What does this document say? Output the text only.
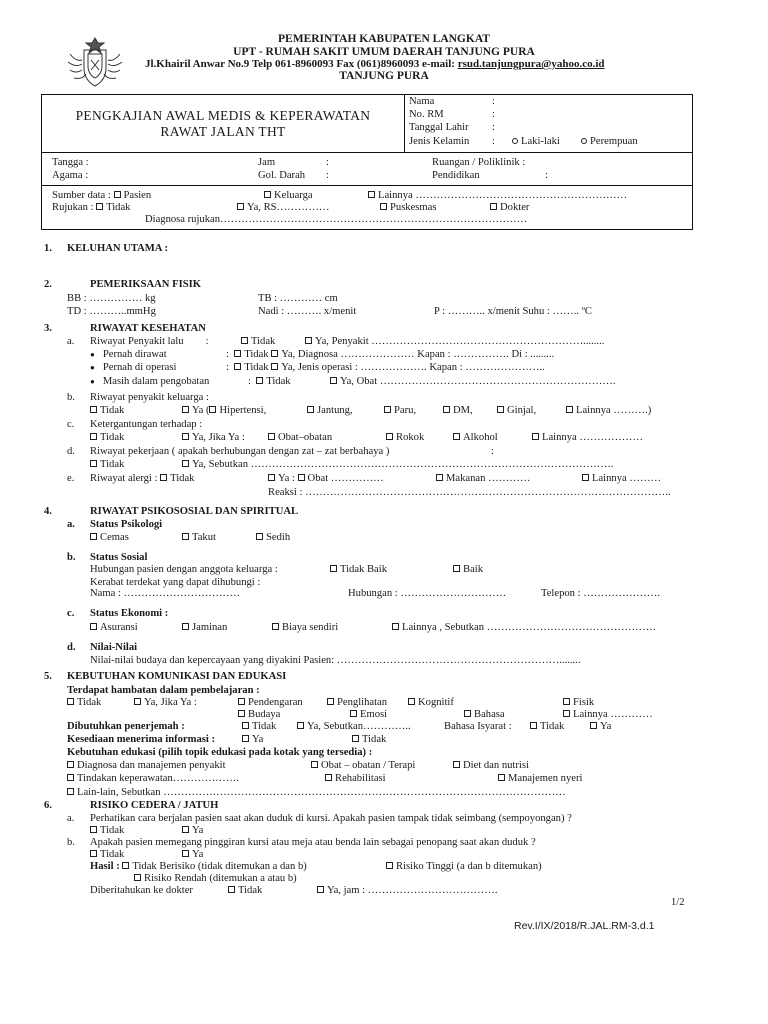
PEMERINTAH KABUPATEN LANGKAT
UPT - RUMAH SAKIT UMUM DAERAH TANJUNG PURA
Jl.Khairil Anwar No.9 Telp 061-8960093 Fax (061)8960093 e-mail: rsud.tanjungpura@yahoo.co.id
TANJUNG PURA
PENGKAJIAN AWAL MEDIS & KEPERAWATAN
RAWAT JALAN THT
Nama	:
No. RM	:
Tanggal Lahir :
Jenis Kelamin :	Laki-laki	Perempuan
Tangga :	Jam	:	Ruangan / Poliklinik :
Agama :	Gol. Darah :	Pendidikan	:
Sumber data : Pasien	Keluarga	Lainnya ……………………………………………………
Rujukan : Tidak	Ya, RS……………	Puskesmas	Dokter
Diagnosa rujukan……………………………………………………………………………
1. KELUHAN UTAMA :
2.	PEMERIKSAAN FISIK
BB : …………… kg	TB : ………… cm
TD : ………..mmHg	Nadi : ………. x/menit	P : ……….. x/menit Suhu : …….. ºC
3.	RIWAYAT KESEHATAN
a. Riwayat Penyakit lalu :	Tidak	Ya, Penyakit ……………………………………………………........
● Pernah dirawat	:  Tidak Ya, Diagnosa ………………… Kapan : ……………. Di : .........
● Pernah di operasi	:  Tidak Ya, Jenis operasi : ………………. Kapan : …………………..
● Masih dalam pengobatan	:  Tidak	Ya, Obat ………………………………………………………….
b. Riwayat penyakit keluarga :
Tidak	Ya ( Hipertensi,	Jantung,	Paru,	DM,	Ginjal,	Lainnya ……….)
c. Ketergantungan terhadap :
Tidak	Ya, Jika Ya :	Obat–obatan	Rokok	Alkohol	Lainnya ………………
d. Riwayat pekerjaan ( apakah berhubungan dengan zat – zat berbahaya )	:
Tidak	Ya, Sebutkan ………………………………………………………………………………………….
e. Riwayat alergi : Tidak	Ya : Obat ……………	Makanan …………	Lainnya ………
Reaksi : …………………………………………………………………………………………..
4.	RIWAYAT PSIKOSOSIAL DAN SPIRITUAL
a. Status Psikologi
Cemas	Takut	Sedih
b. Status Sosial
Hubungan pasien dengan anggota keluarga :	Tidak Baik	Baik
Kerabat terdekat yang dapat dihubungi :
Nama : ……………………………	Hubungan : …………………………	Telepon : ………………….
c. Status Ekonomi :
Asuransi	Jaminan	Biaya sendiri	Lainnya , Sebutkan …………………………………………
d. Nilai-Nilai
Nilai-nilai budaya dan kepercayaan yang diyakini Pasien: ………………………………………………………........
5. KEBUTUHAN KOMUNIKASI DAN EDUKASI
Terdapat hambatan dalam pembelajaran :
Tidak	Ya, Jika Ya :	Pendengaran	Penglihatan	Kognitif	Fisik
Budaya	Emosi	Bahasa	Lainnya …………
Dibutuhkan penerjemah :	Tidak	Ya, Sebutkan…………..	Bahasa Isyarat :	Tidak	Ya
Kesediaan menerima informasi :	Ya	Tidak
Kebutuhan edukasi (pilih topik edukasi pada kotak yang tersedia) :
Diagnosa dan manajemen penyakit	Obat – obatan / Terapi	Diet dan nutrisi
Tindakan keperawatan……………….	Rehabilitasi	Manajemen nyeri
Lain-lain, Sebutkan ……………………………………………………………………………………………………
6.	RISIKO CEDERA / JATUH
a. Perhatikan cara berjalan pasien saat akan duduk di kursi. Apakah pasien tampak tidak seimbang (sempoyongan) ?
Tidak	Ya
b. Apakah pasien memegang pinggiran kursi atau meja atau benda lain sebagai penopang saat akan duduk ?
Tidak	Ya
Hasil : Tidak Berisiko (tidak ditemukan a dan b)	Risiko Tinggi (a dan b ditemukan)
Risiko Rendah (ditemukan a atau b)
Diberitahukan ke dokter	Tidak	Ya, jam : ……………………………….
1/2
Rev.I/IX/2018/R.JAL.RM-3.d.1
